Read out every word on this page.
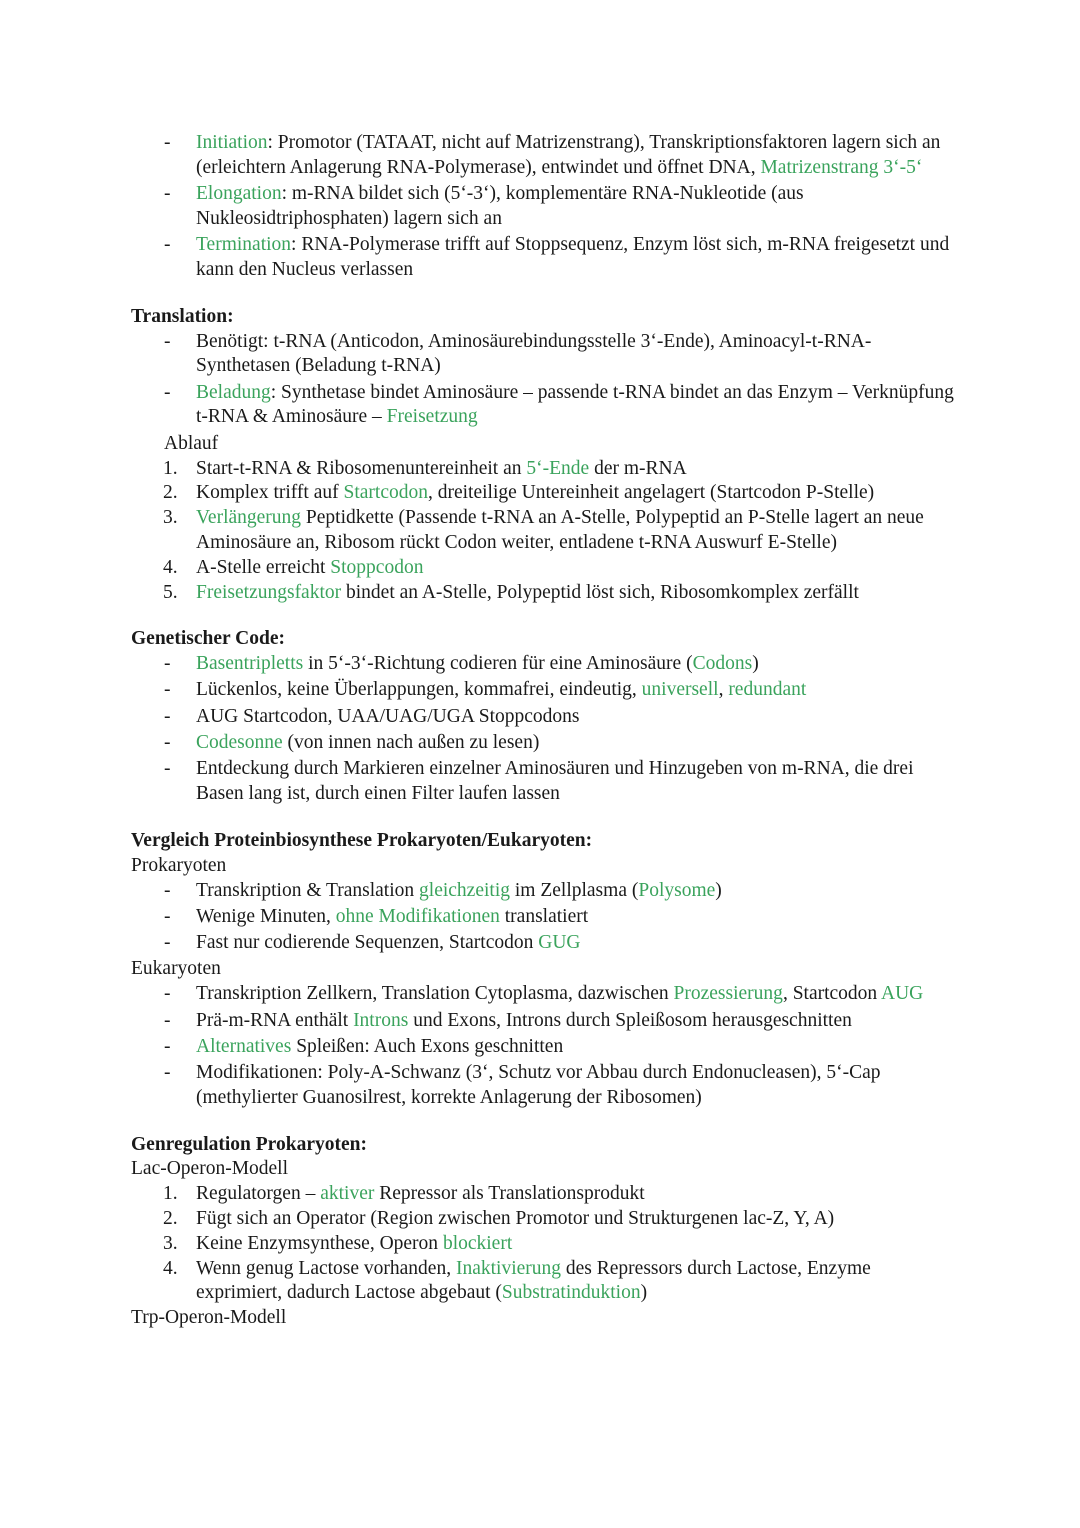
- Initiation: Promotor (TATAAT, nicht auf Matrizenstrang), Transkriptionsfaktoren lagern sich an (erleichtern Anlagerung RNA-Polymerase), entwindet und öffnet DNA, Matrizenstrang 3‘-5‘
- Elongation: m-RNA bildet sich (5‘-3‘), komplementäre RNA-Nukleotide (aus Nukleosidtriphosphaten) lagern sich an
- Termination: RNA-Polymerase trifft auf Stoppsequenz, Enzym löst sich, m-RNA freigesetzt und kann den Nucleus verlassen
Translation:
- Benötigt: t-RNA (Anticodon, Aminosäurebindungsstelle 3‘-Ende), Aminoacyl-t-RNA-Synthetasen (Beladung t-RNA)
- Beladung: Synthetase bindet Aminosäure – passende t-RNA bindet an das Enzym – Verknüpfung t-RNA & Aminosäure – Freisetzung
Ablauf
1. Start-t-RNA & Ribosomenuntereinheit an 5‘-Ende der m-RNA
2. Komplex trifft auf Startcodon, dreiteilige Untereinheit angelagert (Startcodon P-Stelle)
3. Verlängerung Peptidkette (Passende t-RNA an A-Stelle, Polypeptid an P-Stelle lagert an neue Aminosäure an, Ribosom rückt Codon weiter, entladene t-RNA Auswurf E-Stelle)
4. A-Stelle erreicht Stoppcodon
5. Freisetzungsfaktor bindet an A-Stelle, Polypeptid löst sich, Ribosomkomplex zerfällt
Genetischer Code:
- Basentripletts in 5‘-3‘-Richtung codieren für eine Aminosäure (Codons)
- Lückenlos, keine Überlappungen, kommafrei, eindeutig, universell, redundant
- AUG Startcodon, UAA/UAG/UGA Stoppcodons
- Codesonne (von innen nach außen zu lesen)
- Entdeckung durch Markieren einzelner Aminosäuren und Hinzugeben von m-RNA, die drei Basen lang ist, durch einen Filter laufen lassen
Vergleich Proteinbiosynthese Prokaryoten/Eukaryoten:
Prokaryoten
- Transkription & Translation gleichzeitig im Zellplasma (Polysome)
- Wenige Minuten, ohne Modifikationen translatiert
- Fast nur codierende Sequenzen, Startcodon GUG
Eukaryoten
- Transkription Zellkern, Translation Cytoplasma, dazwischen Prozessierung, Startcodon AUG
- Prä-m-RNA enthält Introns und Exons, Introns durch Spleißosom herausgeschnitten
- Alternatives Spleißen: Auch Exons geschnitten
- Modifikationen: Poly-A-Schwanz (3‘, Schutz vor Abbau durch Endonucleasen), 5‘-Cap (methylierter Guanosilrest, korrekte Anlagerung der Ribosomen)
Genregulation Prokaryoten:
Lac-Operon-Modell
1. Regulatorgen – aktiver Repressor als Translationsprodukt
2. Fügt sich an Operator (Region zwischen Promotor und Strukturgenen lac-Z, Y, A)
3. Keine Enzymsynthese, Operon blockiert
4. Wenn genug Lactose vorhanden, Inaktivierung des Repressors durch Lactose, Enzyme exprimiert, dadurch Lactose abgebaut (Substratinduktion)
Trp-Operon-Modell
